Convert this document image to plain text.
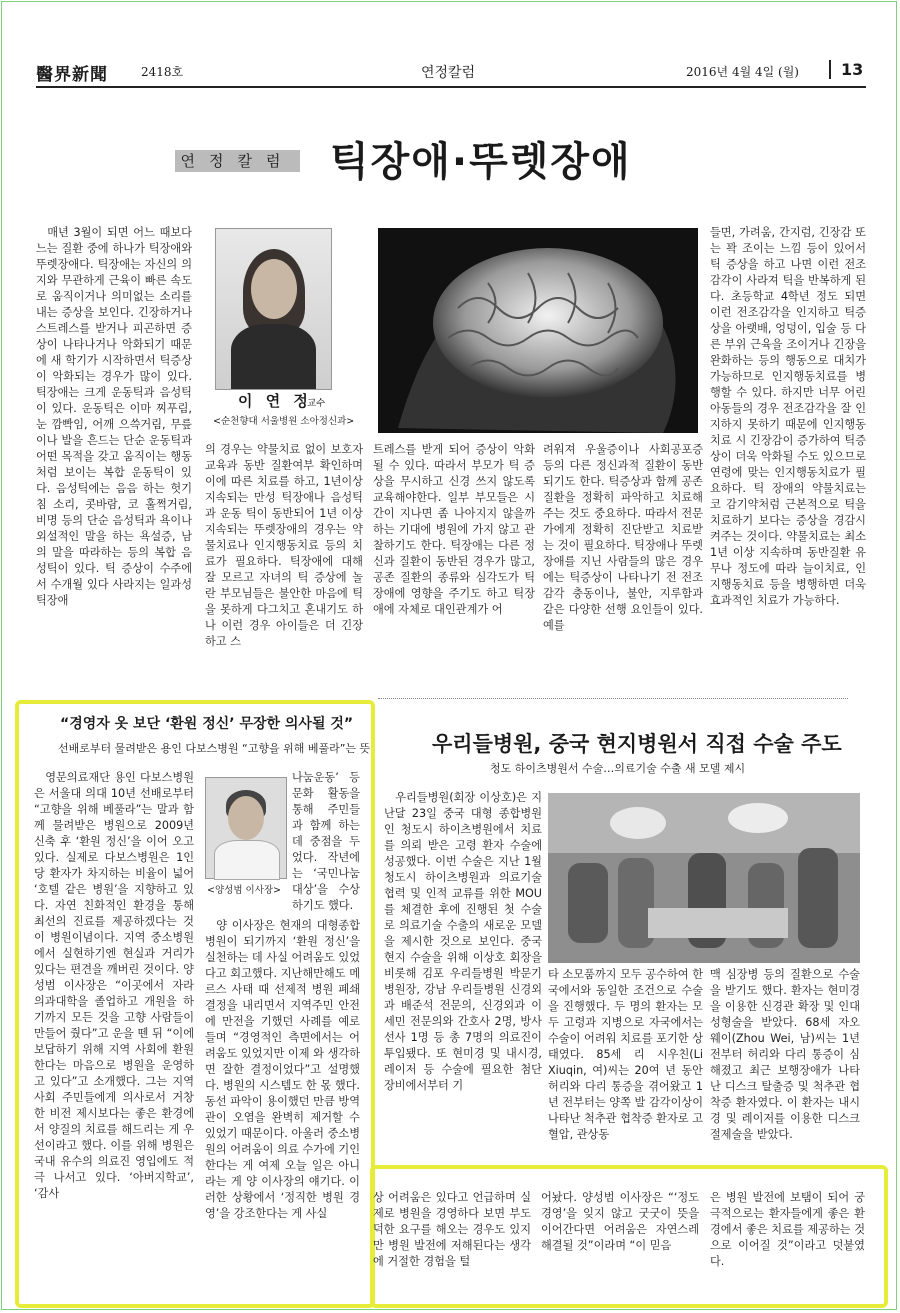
醫界新聞	2418호	연정칼럼	2016년 4월 4일 (월)	13
연정칼럼 틱장애·뚜렛장애

매년 3월이 되면 어느 때보다 느는 질환 중에 하나가 틱장애와 뚜렛장애다. 틱장애는 자신의 의지와 무관하게 근육이 빠른 속도로 움직이거나 의미없는 소리를 내는 증상을 보인다. 긴장하거나 스트레스를 받거나 피곤하면 증상이 나타나거나 악화되기 때문에 새 학기가 시작하면서 틱증상이 악화되는 경우가 많이 있다. 틱장애는 크게 운동틱과 음성틱이 있다. 운동틱은 이마 찌푸림, 눈 깜빡임, 어깨 으쓱거림, 무릎이나 발을 흔드는 단순 운동틱과 어떤 목적을 갖고 움직이는 행동처럼 보이는 복합 운동틱이 있다. 음성틱에는 음음 하는 헛기침 소리, 콧바람, 코 훌쩍거림, 비명 등의 단순 음성틱과 욕이나 외설적인 말을 하는 욕설증, 남의 말을 따라하는 등의 복합 음성틱이 있다. 틱 증상이 수주에서 수개월 있다 사라지는 일과성 틱장애

이 연 정
교수
<순천향대 서울병원 소아정신과>

의 경우는 약물치료 없이 보호자 교육과 동반 질환여부 확인하며 이에 따른 치료를 하고, 1년이상 지속되는 만성 틱장애나 음성틱과 운동 틱이 동반되어 1년 이상 지속되는 뚜렛장애의 경우는 약물치료나 인지행동치료 등의 치료가 필요하다. 틱장애에 대해 잘 모르고 자녀의 틱 증상에 놀란 부모님들은 불안한 마음에 틱을 못하게 다그치고 혼내기도 하나 이런 경우 아이들은 더 긴장하고 스

트레스를 받게 되어 증상이 악화될 수 있다. 따라서 부모가 틱 증상을 무시하고 신경 쓰지 않도록 교육해야한다. 일부 부모들은 시간이 지나면 좀 나아지지 않을까하는 기대에 병원에 가지 않고 관찰하기도 한다. 틱장애는 다른 정신과 질환이 동반된 경우가 많고, 공존 질환의 종류와 심각도가 틱장애에 영향을 주기도 하고 틱장애에 자체로 대인관계가 어

려워져 우울증이나 사회공포증 등의 다른 정신과적 질환이 동반되기도 한다. 틱증상과 함께 공존질환을 정확히 파악하고 치료해주는 것도 중요하다. 따라서 전문가에게 정확히 진단받고 치료받는 것이 필요하다. 틱장애나 뚜렛장애를 지닌 사람들의 많은 경우에는 틱증상이 나타나기 전 전조감각 충동이나, 불안, 지루함과 같은 다양한 선행 요인들이 있다. 예를

들면, 가려움, 간지럼, 긴장감 또는 꽉 조이는 느낌 등이 있어서 틱 증상을 하고 나면 이런 전조감각이 사라져 틱을 반복하게 된다. 초등학교 4학년 정도 되면 이런 전조감각을 인지하고 틱증상을 아랫배, 엉덩이, 입술 등 다른 부위 근육을 조이거나 긴장을 완화하는 등의 행동으로 대치가 가능하므로 인지행동치료를 병행할 수 있다. 하지만 너무 어린 아동들의 경우 전조감각을 잘 인지하지 못하기 때문에 인지행동 치료 시 긴장감이 증가하여 틱증상이 더욱 악화될 수도 있으므로 연령에 맞는 인지행동치료가 필요하다. 틱 장애의 약물치료는 코 감기약처럼 근본적으로 틱을 치료하기 보다는 증상을 경감시켜주는 것이다. 약물치료는 최소 1년 이상 지속하며 동반질환 유무나 정도에 따라 늘이치료, 인지행동치료 등을 병행하면 더욱 효과적인 치료가 가능하다.

“경영자 옷 보단 ‘환원 정신’ 무장한 의사될 것”
선배로부터 물려받은 용인 다보스병원 “고향을 위해 베풀라”는 뜻

영문의료재단 용인 다보스병원은 서울대 의대 10년 선배로부터 “고향을 위해 베풀라”는 말과 함께 물려받은 병원으로 2009년 신축 후 ‘환원 정신’을 이어 오고 있다. 실제로 다보스병원은 1인 당 환자가 차지하는 비율이 넓어 ‘호텔 같은 병원’을 지향하고 있다. 자연 친화적인 환경을 통해 최선의 진료를 제공하겠다는 것이 병원이념이다. 지역 중소병원에서 실현하기엔 현실과 거리가 있다는 편견을 깨버린 것이다. 양성범 이사장은 “이곳에서 자라 의과대학을 졸업하고 개원을 하기까지 모든 것을 고향 사람들이 만들어 줬다”고 운을 뗀 뒤 “이에 보답하기 위해 지역 사회에 환원한다는 마음으로 병원을 운영하고 있다”고 소개했다. 그는 지역사회 주민들에게 의사로서 거창한 비전 제시보다는 좋은 환경에서 양질의 치료를 해드리는 게 우선이라고 했다. 이를 위해 병원은 국내 유수의 의료진 영입에도 적극 나서고 있다. ‘아버지학교’, ‘감사

<양성범 이사장>

나눔운동’ 등 문화 활동을 통해 주민들과 함께 하는 데 중점을 두었다. 작년에는 ‘국민나눔대상’을 수상하기도 했다.

양 이사장은 현재의 대형종합병원이 되기까지 ‘환원 정신’을 실천하는 데 사실 어려움도 있었다고 회고했다. 지난해만해도 메르스 사태 때 선제적 병원 폐쇄 결정을 내리면서 지역주민 안전에 만전을 기했던 사례를 예로 들며 “경영적인 측면에서는 어려움도 있었지만 이제 와 생각하면 잘한 결정이었다”고 설명했다. 병원의 시스템도 한 몫 했다. 동선 파악이 용이했던 만큼 방역관이 오염을 완벽히 제거할 수 있었기 때문이다. 아울러 중소병원의 어려움이 의료 수가에 기인한다는 게 여제 오늘 일은 아니라는 게 양 이사장의 얘기다. 이러한 상황에서 ‘정직한 병원 경영’을 강조한다는 게 사실

우리들병원, 중국 현지병원서 직접 수술 주도
청도 하이츠병원서 수술…의료기술 수출 새 모델 제시

우리들병원(회장 이상호)은 지난달 23일 중국 대형 종합병원인 청도시 하이츠병원에서 치료를 의뢰 받은 고령 환자 수술에 성공했다. 이번 수술은 지난 1월 청도시 하이츠병원과 의료기술 협력 및 인적 교류를 위한 MOU를 체결한 후에 진행된 첫 수술로 의료기술 수출의 새로운 모델을 제시한 것으로 보인다. 중국 현지 수술을 위해 이상호 회장을 비롯해 김포 우리들병원 박문기 병원장, 강남 우리들병원 신경외과 배준석 전문의, 신경외과 이세민 전문의와 간호사 2명, 방사선사 1명 등 총 7명의 의료진이 투입됐다. 또 현미경 및 내시경, 레이저 등 수술에 필요한 첨단 장비에서부터 기

타 소모품까지 모두 공수하여 한국에서와 동일한 조건으로 수술을 진행했다. 두 명의 환자는 모두 고령과 지병으로 자국에서는 수술이 어려워 치료를 포기한 상태였다. 85세 리 시우친(Li Xiuqin, 여)씨는 20여 년 동안 허리와 다리 통증을 겪어왔고 1년 전부터는 양쪽 발 감각이상이 나타난 척추관 협착증 환자로 고혈압, 관상동

맥 심장병 등의 질환으로 수술을 받기도 했다. 환자는 현미경을 이용한 신경관 확장 및 인대성형술을 받았다. 68세 자오 웨이(Zhou Wei, 남)씨는 1년 전부터 허리와 다리 통증이 심해졌고 최근 보행장애가 나타난 디스크 탈출증 및 척추관 협착증 환자였다. 이 환자는 내시경 및 레이저를 이용한 디스크 절제술을 받았다.

상 어려움은 있다고 언급하며 실제로 병원을 경영하다 보면 부도덕한 요구를 해오는 경우도 있지만 병원 발전에 저해된다는 생각에 거절한 경험을 털

어놨다. 양성범 이사장은 “‘정도 경영’을 잊지 않고 굿굿이 뜻을 이어간다면 어려움은 자연스레 해결될 것”이라며 “이 믿음

은 병원 발전에 보탬이 되어 궁극적으로는 환자들에게 좋은 환경에서 좋은 치료를 제공하는 것으로 이어질 것”이라고 덧붙였다.
